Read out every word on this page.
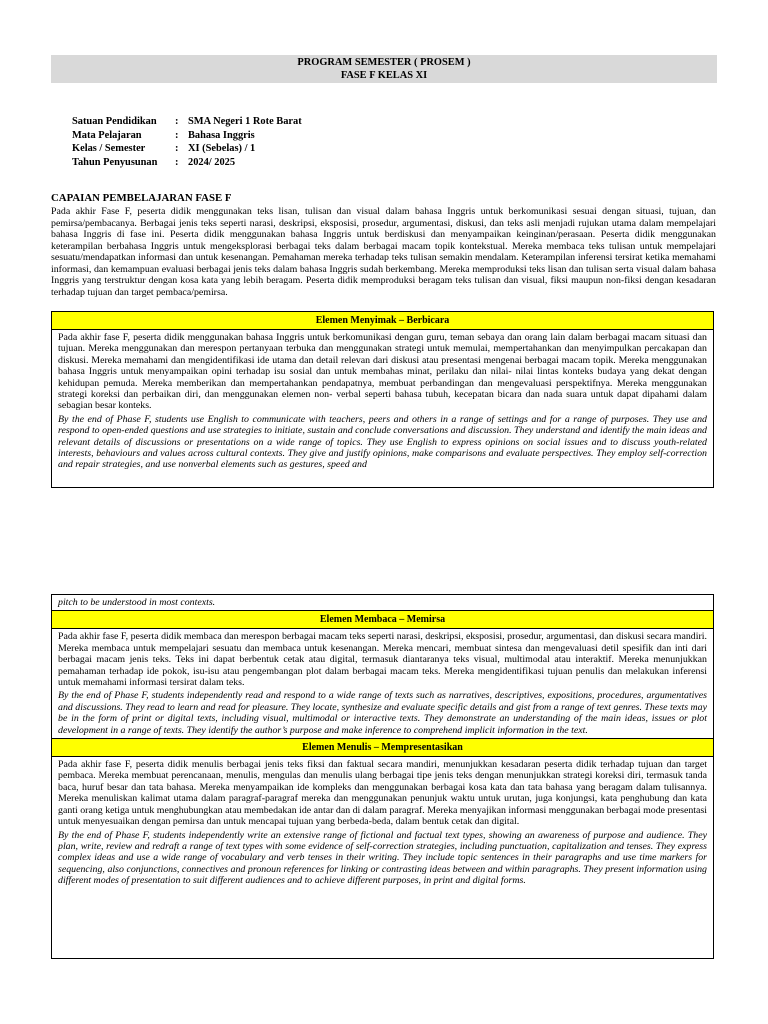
PROGRAM SEMESTER ( PROSEM )
FASE F KELAS XI
Satuan Pendidikan	: SMA Negeri 1 Rote Barat
Mata Pelajaran	: Bahasa Inggris
Kelas / Semester	: XI (Sebelas) / 1
Tahun Penyusunan	: 2024/ 2025
CAPAIAN PEMBELAJARAN FASE F
Pada akhir Fase F, peserta didik menggunakan teks lisan, tulisan dan visual dalam bahasa Inggris untuk berkomunikasi sesuai dengan situasi, tujuan, dan pemirsa/pembacanya. Berbagai jenis teks seperti narasi, deskripsi, eksposisi, prosedur, argumentasi, diskusi, dan teks asli menjadi rujukan utama dalam mempelajari bahasa Inggris di fase ini. Peserta didik menggunakan bahasa Inggris untuk berdiskusi dan menyampaikan keinginan/perasaan. Peserta didik menggunakan keterampilan berbahasa Inggris untuk mengeksplorasi berbagai teks dalam berbagai macam topik kontekstual. Mereka membaca teks tulisan untuk mempelajari sesuatu/mendapatkan informasi dan untuk kesenangan. Pemahaman mereka terhadap teks tulisan semakin mendalam. Keterampilan inferensi tersirat ketika memahami informasi, dan kemampuan evaluasi berbagai jenis teks dalam bahasa Inggris sudah berkembang. Mereka memproduksi teks lisan dan tulisan serta visual dalam bahasa Inggris yang terstruktur dengan kosa kata yang lebih beragam. Peserta didik memproduksi beragam teks tulisan dan visual, fiksi maupun non-fiksi dengan kesadaran terhadap tujuan dan target pembaca/pemirsa.
Elemen Menyimak – Berbicara

Pada akhir fase F, peserta didik menggunakan bahasa Inggris untuk berkomunikasi dengan guru, teman sebaya dan orang lain dalam berbagai macam situasi dan tujuan. Mereka menggunakan dan merespon pertanyaan terbuka dan menggunakan strategi untuk memulai, mempertahankan dan menyimpulkan percakapan dan diskusi. Mereka memahami dan mengidentifikasi ide utama dan detail relevan dari diskusi atau presentasi mengenai berbagai macam topik. Mereka menggunakan bahasa Inggris untuk menyampaikan opini terhadap isu sosial dan untuk membahas minat, perilaku dan nilai- nilai lintas konteks budaya yang dekat dengan kehidupan pemuda. Mereka memberikan dan mempertahankan pendapatnya, membuat perbandingan dan mengevaluasi perspektifnya. Mereka menggunakan strategi koreksi dan perbaikan diri, dan menggunakan elemen non- verbal seperti bahasa tubuh, kecepatan bicara dan nada suara untuk dapat dipahami dalam sebagian besar konteks.

By the end of Phase F, students use English to communicate with teachers, peers and others in a range of settings and for a range of purposes. They use and respond to open-ended questions and use strategies to initiate, sustain and conclude conversations and discussion. They understand and identify the main ideas and relevant details of discussions or presentations on a wide range of topics. They use English to express opinions on social issues and to discuss youth-related interests, behaviours and values across cultural contexts. They give and justify opinions, make comparisons and evaluate perspectives. They employ self-correction and repair strategies, and use nonverbal elements such as gestures, speed and

pitch to be understood in most contexts.
Elemen Membaca – Memirsa

Pada akhir fase F, peserta didik membaca dan merespon berbagai macam teks seperti narasi, deskripsi, eksposisi, prosedur, argumentasi, dan diskusi secara mandiri. Mereka membaca untuk mempelajari sesuatu dan membaca untuk kesenangan. Mereka mencari, membuat sintesa dan mengevaluasi detil spesifik dan inti dari berbagai macam jenis teks. Teks ini dapat berbentuk cetak atau digital, termasuk diantaranya teks visual, multimodal atau interaktif. Mereka menunjukkan pemahaman terhadap ide pokok, isu-isu atau pengembangan plot dalam berbagai macam teks. Mereka mengidentifikasi tujuan penulis dan melakukan inferensi untuk memahami informasi tersirat dalam teks.

By the end of Phase F, students independently read and respond to a wide range of texts such as narratives, descriptives, expositions, procedures, argumentatives and discussions. They read to learn and read for pleasure. They locate, synthesize and evaluate specific details and gist from a range of text genres. These texts may be in the form of print or digital texts, including visual, multimodal or interactive texts. They demonstrate an understanding of the main ideas, issues or plot development in a range of texts. They identify the author’s purpose and make inference to comprehend implicit information in the text.

Elemen Menulis – Mempresentasikan

Pada akhir fase F, peserta didik menulis berbagai jenis teks fiksi dan faktual secara mandiri, menunjukkan kesadaran peserta didik terhadap tujuan dan target pembaca. Mereka membuat perencanaan, menulis, mengulas dan menulis ulang berbagai tipe jenis teks dengan menunjukkan strategi koreksi diri, termasuk tanda baca, huruf besar dan tata bahasa. Mereka menyampaikan ide kompleks dan menggunakan berbagai kosa kata dan tata bahasa yang beragam dalam tulisannya. Mereka menuliskan kalimat utama dalam paragraf-paragraf mereka dan menggunakan penunjuk waktu untuk urutan, juga konjungsi, kata penghubung dan kata ganti orang ketiga untuk menghubungkan atau membedakan ide antar dan di dalam paragraf. Mereka menyajikan informasi menggunakan berbagai mode presentasi untuk menyesuaikan dengan pemirsa dan untuk mencapai tujuan yang berbeda-beda, dalam bentuk cetak dan digital.

By the end of Phase F, students independently write an extensive range of fictional and factual text types, showing an awareness of purpose and audience. They plan, write, review and redraft a range of text types with some evidence of self-correction strategies, including punctuation, capitalization and tenses. They express complex ideas and use a wide range of vocabulary and verb tenses in their writing. They include topic sentences in their paragraphs and use time markers for sequencing, also conjunctions, connectives and pronoun references for linking or contrasting ideas between and within paragraphs. They present information using different modes of presentation to suit different audiences and to achieve different purposes, in print and digital forms.
